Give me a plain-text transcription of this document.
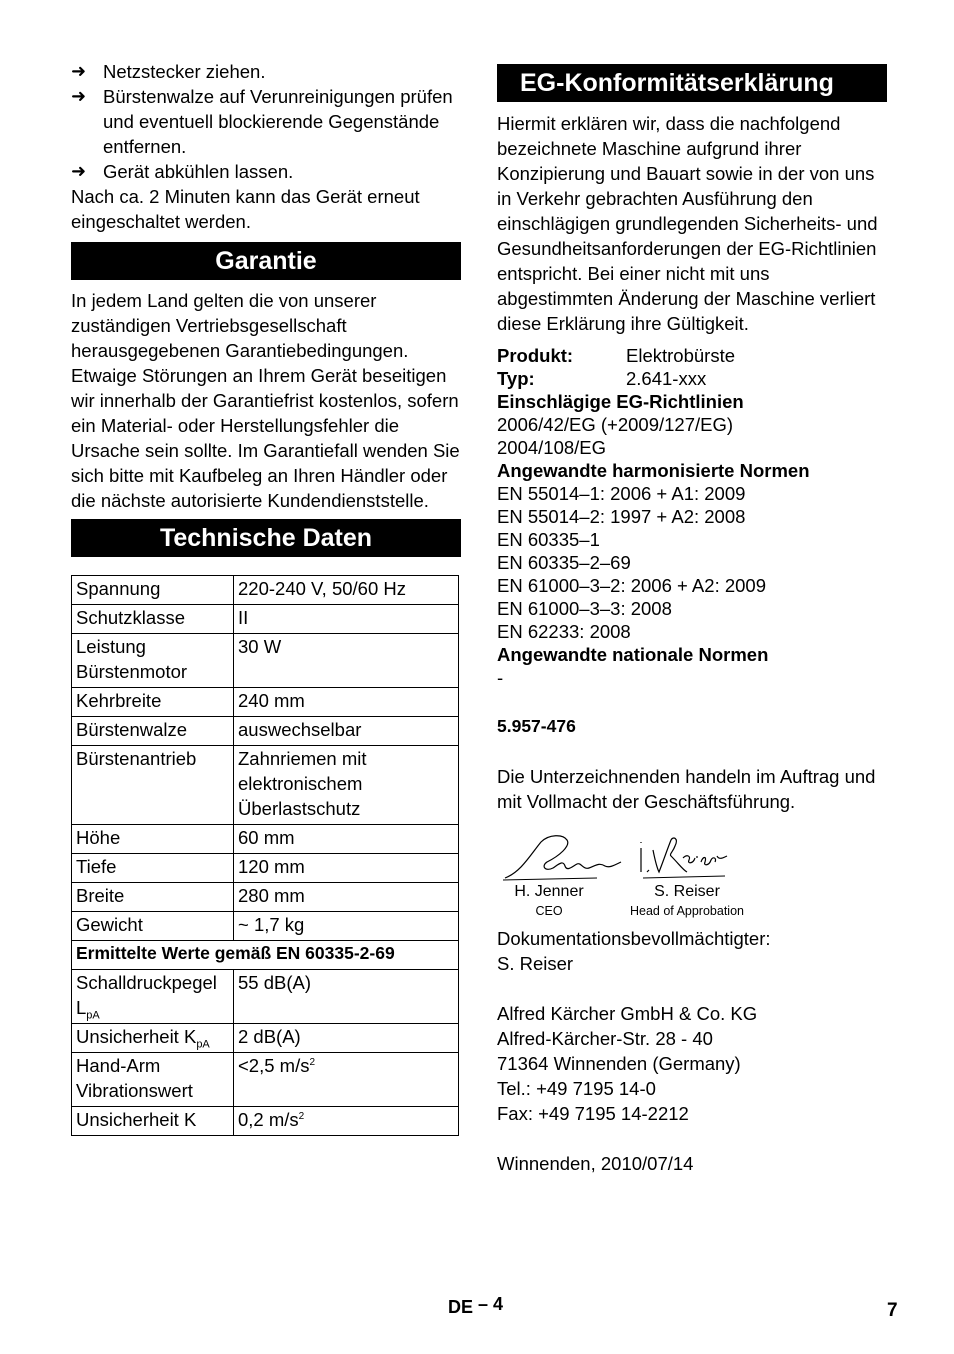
➜ Netzstecker ziehen.
➜ Bürstenwalze auf Verunreinigungen prüfen und eventuell blockierende Gegenstände entfernen.
➜ Gerät abkühlen lassen.

Nach ca. 2 Minuten kann das Gerät erneut eingeschaltet werden.

Garantie

In jedem Land gelten die von unserer zuständigen Vertriebsgesellschaft herausgegebenen Garantiebedingungen. Etwaige Störungen an Ihrem Gerät beseitigen wir innerhalb der Garantiefrist kostenlos, sofern ein Material- oder Herstellungsfehler die Ursache sein sollte. Im Garantiefall wenden Sie sich bitte mit Kaufbeleg an Ihren Händler oder die nächste autorisierte Kundendienststelle.

Technische Daten
Spannung	220-240 V, 50/60 Hz
Schutzklasse	II
Leistung Bürstenmotor	30 W
Kehrbreite	240 mm
Bürstenwalze	auswechselbar
Bürstenantrieb	Zahnriemen mit elektronischem Überlastschutz
Höhe	60 mm
Tiefe	120 mm
Breite	280 mm
Gewicht	~ 1,7 kg
Ermittelte Werte gemäß EN 60335-2-69	
Schalldruckpegel $L_{pA}$	55 dB(A)
Unsicherheit $K_{pA}$	2 dB(A)
Hand-Arm Vibrationswert	<2,5 $m/s^2$
Unsicherheit K	0,2 $m/s^2$
EG-Konformitätserklärung

Hiermit erklären wir, dass die nachfolgend bezeichnete Maschine aufgrund ihrer Konzipierung und Bauart sowie in der von uns in Verkehr gebrachten Ausführung den einschlägigen grundlegenden Sicherheits- und Gesundheitsanforderungen der EG-Richtlinien entspricht. Bei einer nicht mit uns abgestimmten Änderung der Maschine verliert diese Erklärung ihre Gültigkeit.

Produkt:	Elektrobürste
Typ:	2.641-xxx
Einschlägige EG-Richtlinien
2006/42/EG (+2009/127/EG)
2004/108/EG
Angewandte harmonisierte Normen
EN 55014–1: 2006 + A1: 2009
EN 55014–2: 1997 + A2: 2008
EN 60335–1
EN 60335–2–69
EN 61000–3–2: 2006 + A2: 2009
EN 61000–3–3: 2008
EN 62233: 2008
Angewandte nationale Normen
-
5.957-476

Die Unterzeichnenden handeln im Auftrag und mit Vollmacht der Geschäftsführung.

H. Jenner
CEO
S. Reiser
Head of Approbation

Dokumentationsbevollmächtigter:

S. Reiser

Alfred Kärcher GmbH & Co. KG
Alfred-Kärcher-Str. 28 - 40
71364 Winnenden (Germany)
Tel.: +49 7195 14-0
Fax: +49 7195 14-2212

Winnenden, 2010/07/14

DE – 4	7
